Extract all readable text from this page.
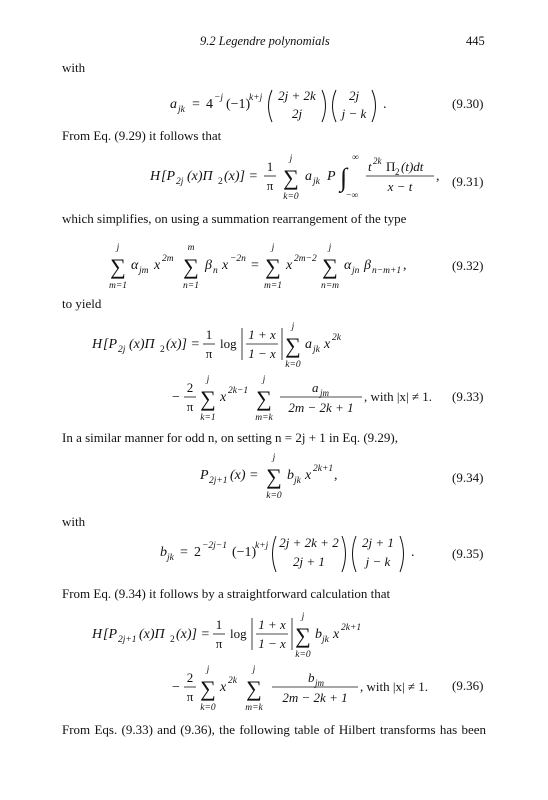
9.2 Legendre polynomials	445
with
a jk = 4 −j (−1)
k+j 2j + 2k
2j
2j
j − k
.	(9.30)
From Eq. (9.29) it follows that
H [P 2j (x)Π 2 (x)] =
1
π
j
∑
k=0
a jk P ∫
∞
−∞
t 2k Π 2 (t)dt
x − t
, (9.31)
which simplifies, on using a summation rearrangement of the type
j
∑
m=1
α jm x 2m
m
∑
n=1
β n x −2n =
j
∑
m=1
x 2m−2
j
∑
n=m
α jn β n−m+1 ,	(9.32)
to yield
H [P 2j (x)Π 2 (x)] =
1
π
log
1 + x
1 − x
j
∑
k=0
a jk x 2k
−
2
π
j
∑
k=1
x 2k−1
j
∑
m=k
a jm
2m − 2k + 1
, with |x| ≠ 1. (9.33)
In a similar manner for odd n, on setting n = 2j + 1 in Eq. (9.29),
P 2j+1 (x) =
j
∑
k=0
b jk x 2k+1 ,	(9.34)
with
b jk = 2 −2j−1 (−1)
k+j 2j + 2k + 2
2j + 1
2j + 1
j − k
.	(9.35)
From Eq. (9.34) it follows by a straightforward calculation that
H [P 2j+1 (x)Π 2 (x)] =
1
π
log
1 + x
1 − x
j
∑
k=0
b jk x 2k+1
−
2
π
j
∑
k=0
x 2k
j
∑
m=k
b jm
2m − 2k + 1
, with |x| ≠ 1. (9.36)
From Eqs. (9.33) and (9.36), the following table of Hilbert transforms has been
